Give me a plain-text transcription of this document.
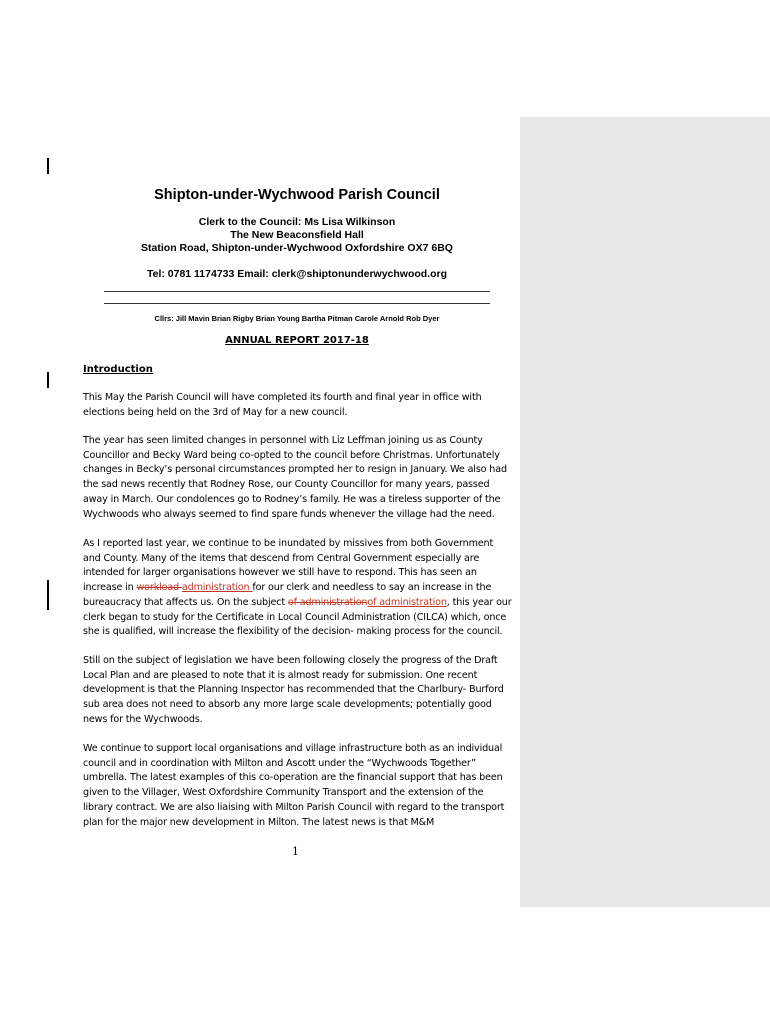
Shipton-under-Wychwood Parish Council
Clerk to the Council: Ms Lisa Wilkinson
The New Beaconsfield Hall
Station Road, Shipton-under-Wychwood Oxfordshire OX7 6BQ
Tel: 0781 1174733 Email: clerk@shiptonunderwychwood.org
Cllrs: Jill Mavin Brian Rigby Brian Young Bartha Pitman Carole Arnold Rob Dyer
ANNUAL REPORT 2017-18
Introduction
This May the Parish Council will have completed its fourth and final year in office with elections being held on the 3rd of May for a new council.
The year has seen limited changes in personnel with Liz Leffman joining us as County Councillor and Becky Ward being co-opted to the council before Christmas. Unfortunately changes in Becky’s personal circumstances prompted her to resign in January. We also had the sad news recently that Rodney Rose, our County Councillor for many years, passed away in March. Our condolences go to Rodney’s family. He was a tireless supporter of the Wychwoods who always seemed to find spare funds whenever the village had the need.
As I reported last year, we continue to be inundated by missives from both Government and County. Many of the items that descend from Central Government especially are intended for larger organisations however we still have to respond. This has seen an increase in workload administration for our clerk and needless to say an increase in the bureaucracy that affects us. On the subject of administrationof administration, this year our clerk began to study for the Certificate in Local Council Administration (CILCA) which, once she is qualified, will increase the flexibility of the decision- making process for the council.
Still on the subject of legislation we have been following closely the progress of the Draft Local Plan and are pleased to note that it is almost ready for submission. One recent development is that the Planning Inspector has recommended that the Charlbury- Burford sub area does not need to absorb any more large scale developments; potentially good news for the Wychwoods.
We continue to support local organisations and village infrastructure both as an individual council and in coordination with Milton and Ascott under the “Wychwoods Together” umbrella. The latest examples of this co-operation are the financial support that has been given to the Villager, West Oxfordshire Community Transport and the extension of the library contract. We are also liaising with Milton Parish Council with regard to the transport plan for the major new development in Milton. The latest news is that M&M
1
